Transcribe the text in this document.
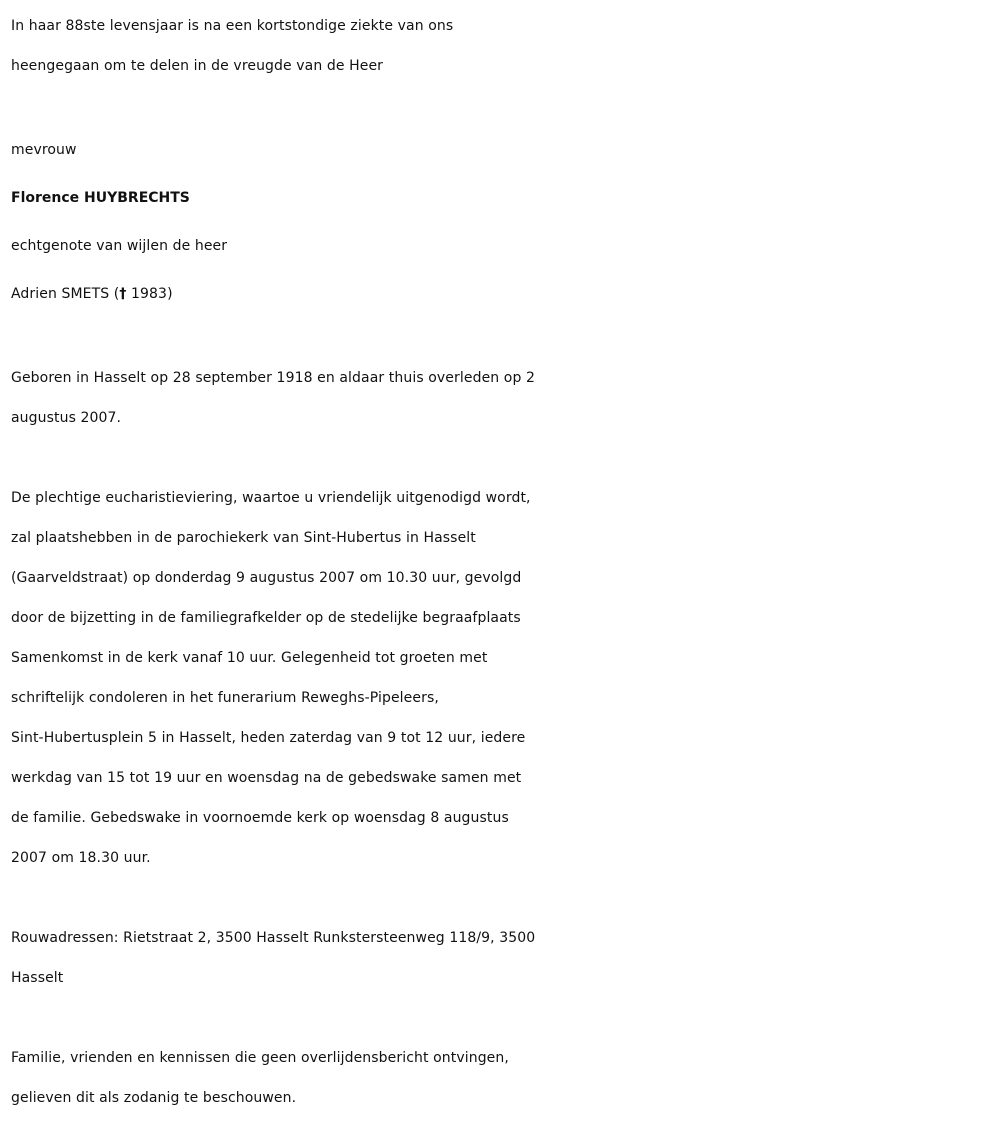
In haar 88ste levensjaar is na een kortstondige ziekte van ons
heengegaan om te delen in de vreugde van de Heer
mevrouw
Florence HUYBRECHTS
echtgenote van wijlen de heer
Adrien SMETS († 1983)
Geboren in Hasselt op 28 september 1918 en aldaar thuis overleden op 2
augustus 2007.
De plechtige eucharistieviering, waartoe u vriendelijk uitgenodigd wordt,
zal plaatshebben in de parochiekerk van Sint-Hubertus in Hasselt
(Gaarveldstraat) op donderdag 9 augustus 2007 om 10.30 uur, gevolgd
door de bijzetting in de familiegrafkelder op de stedelijke begraafplaats
Samenkomst in de kerk vanaf 10 uur. Gelegenheid tot groeten met
schriftelijk condoleren in het funerarium Reweghs-Pipeleers,
Sint-Hubertusplein 5 in Hasselt, heden zaterdag van 9 tot 12 uur, iedere
werkdag van 15 tot 19 uur en woensdag na de gebedswake samen met
de familie. Gebedswake in voornoemde kerk op woensdag 8 augustus
2007 om 18.30 uur.
Rouwadressen: Rietstraat 2, 3500 Hasselt Runkstersteenweg 118/9, 3500
Hasselt
Familie, vrienden en kennissen die geen overlijdensbericht ontvingen,
gelieven dit als zodanig te beschouwen.
